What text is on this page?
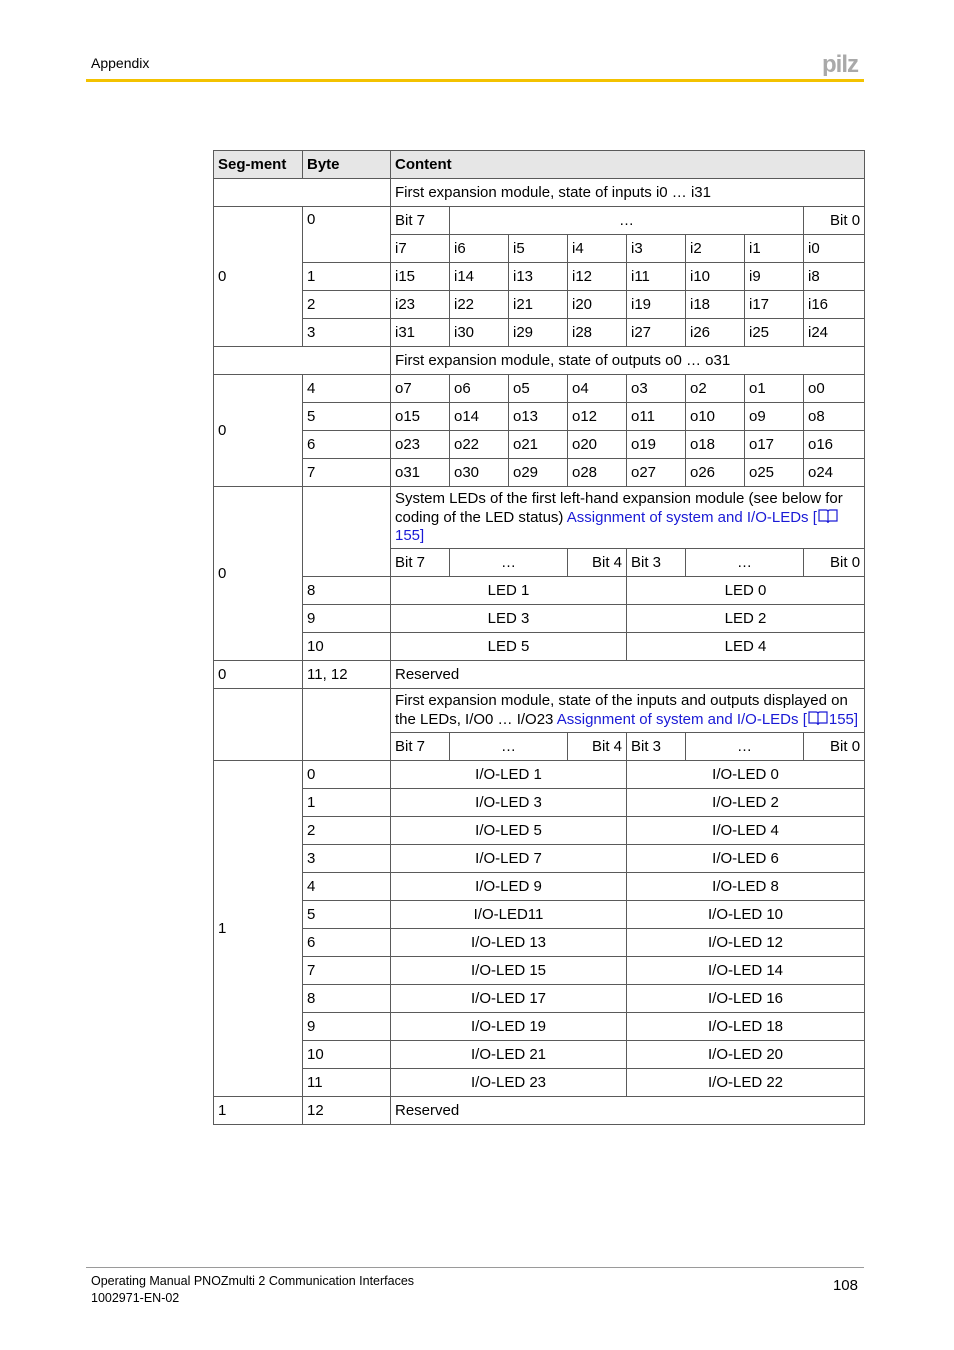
Appendix	pilz
Seg-ment	Byte	Content							
		First expansion module, state of inputs i0 … i31							
0	0	Bit 7	…						Bit 0
		i7	i6	i5	i4	i3	i2	i1	i0
	1	i15	i14	i13	i12	i11	i10	i9	i8
	2	i23	i22	i21	i20	i19	i18	i17	i16
	3	i31	i30	i29	i28	i27	i26	i25	i24
		First expansion module, state of outputs o0 … o31							
0	4	o7	o6	o5	o4	o3	o2	o1	o0
	5	o15	o14	o13	o12	o11	o10	o9	o8
	6	o23	o22	o21	o20	o19	o18	o17	o16
	7	o31	o30	o29	o28	o27	o26	o25	o24
0		System LEDs of the first left-hand expansion module (see below for coding of the LED status) Assignment of system and I/O-LEDs [155]							
		Bit 7	…		Bit 4	Bit 3	…		Bit 0
	8	LED 1				LED 0			
	9	LED 3				LED 2			
	10	LED 5				LED 4			
0	11, 12	Reserved							
		First expansion module, state of the inputs and outputs displayed on the LEDs, I/O0 … I/O23 Assignment of system and I/O-LEDs [ 155]							
		Bit 7	…		Bit 4	Bit 3	…		Bit 0
1	0	I/O-LED 1				I/O-LED 0			
	1	I/O-LED 3				I/O-LED 2			
	2	I/O-LED 5				I/O-LED 4			
	3	I/O-LED 7				I/O-LED 6			
	4	I/O-LED 9				I/O-LED 8			
	5	I/O-LED11				I/O-LED 10			
	6	I/O-LED 13				I/O-LED 12			
	7	I/O-LED 15				I/O-LED 14			
	8	I/O-LED 17				I/O-LED 16			
	9	I/O-LED 19				I/O-LED 18			
	10	I/O-LED 21				I/O-LED 20			
	11	I/O-LED 23				I/O-LED 22			
1	12	Reserved							
Operating Manual PNOZmulti 2 Communication Interfaces
1002971-EN-02
108
